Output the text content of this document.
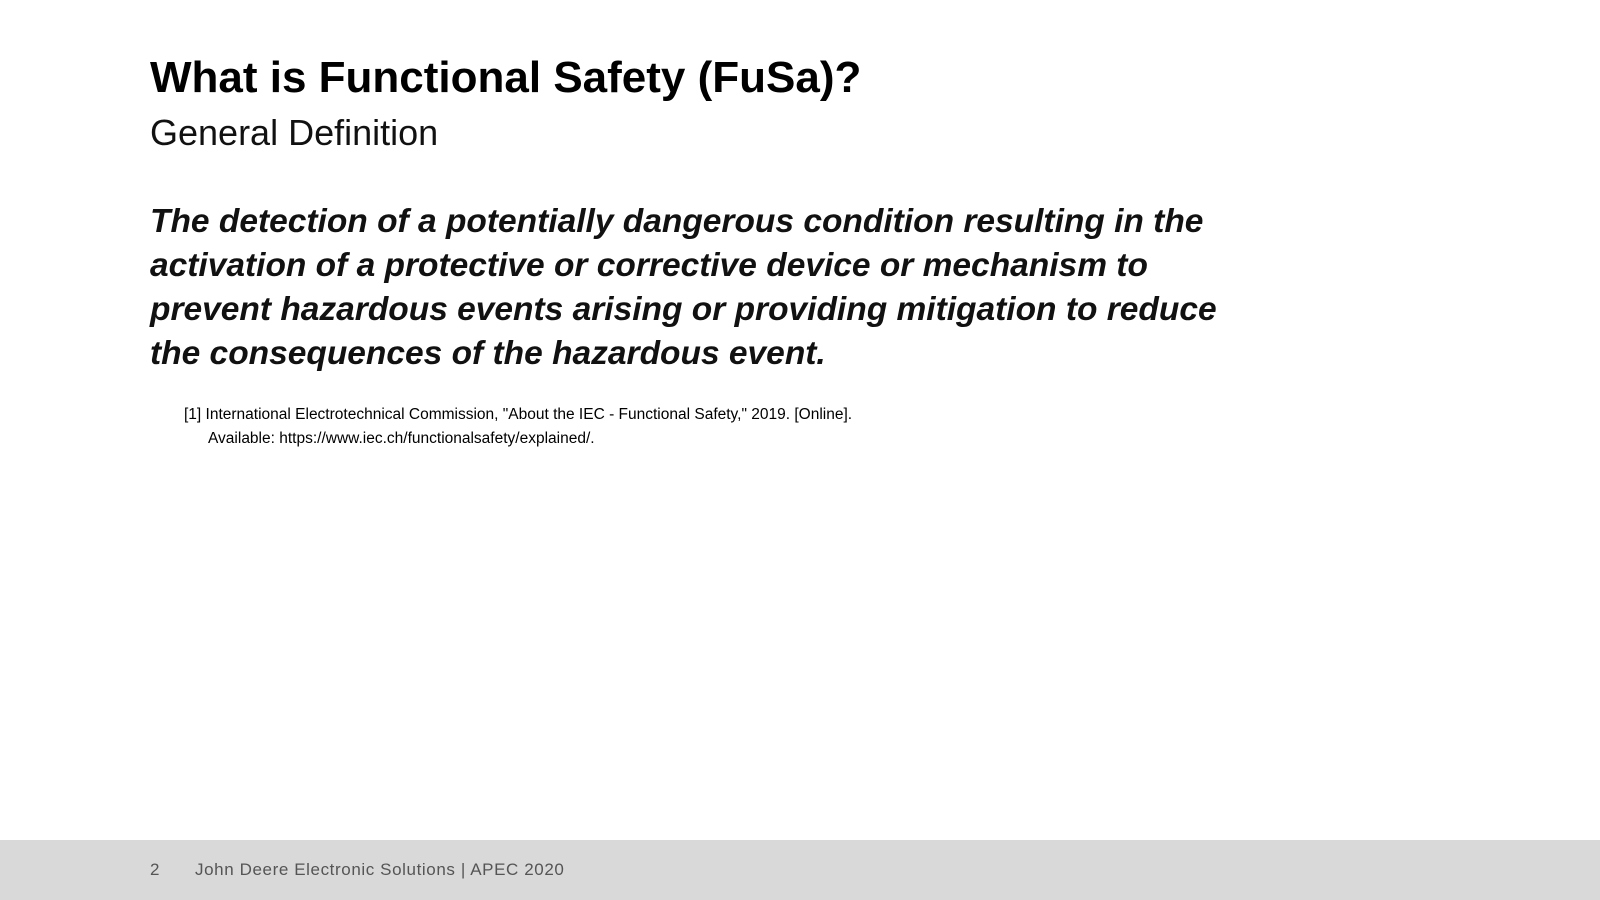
What is Functional Safety (FuSa)?
General Definition

The detection of a potentially dangerous condition resulting in the activation of a protective or corrective device or mechanism to prevent hazardous events arising or providing mitigation to reduce the consequences of the hazardous event.

[1] International Electrotechnical Commission, "About the IEC - Functional Safety," 2019. [Online].
Available: https://www.iec.ch/functionalsafety/explained/.

2 John Deere Electronic Solutions | APEC 2020
